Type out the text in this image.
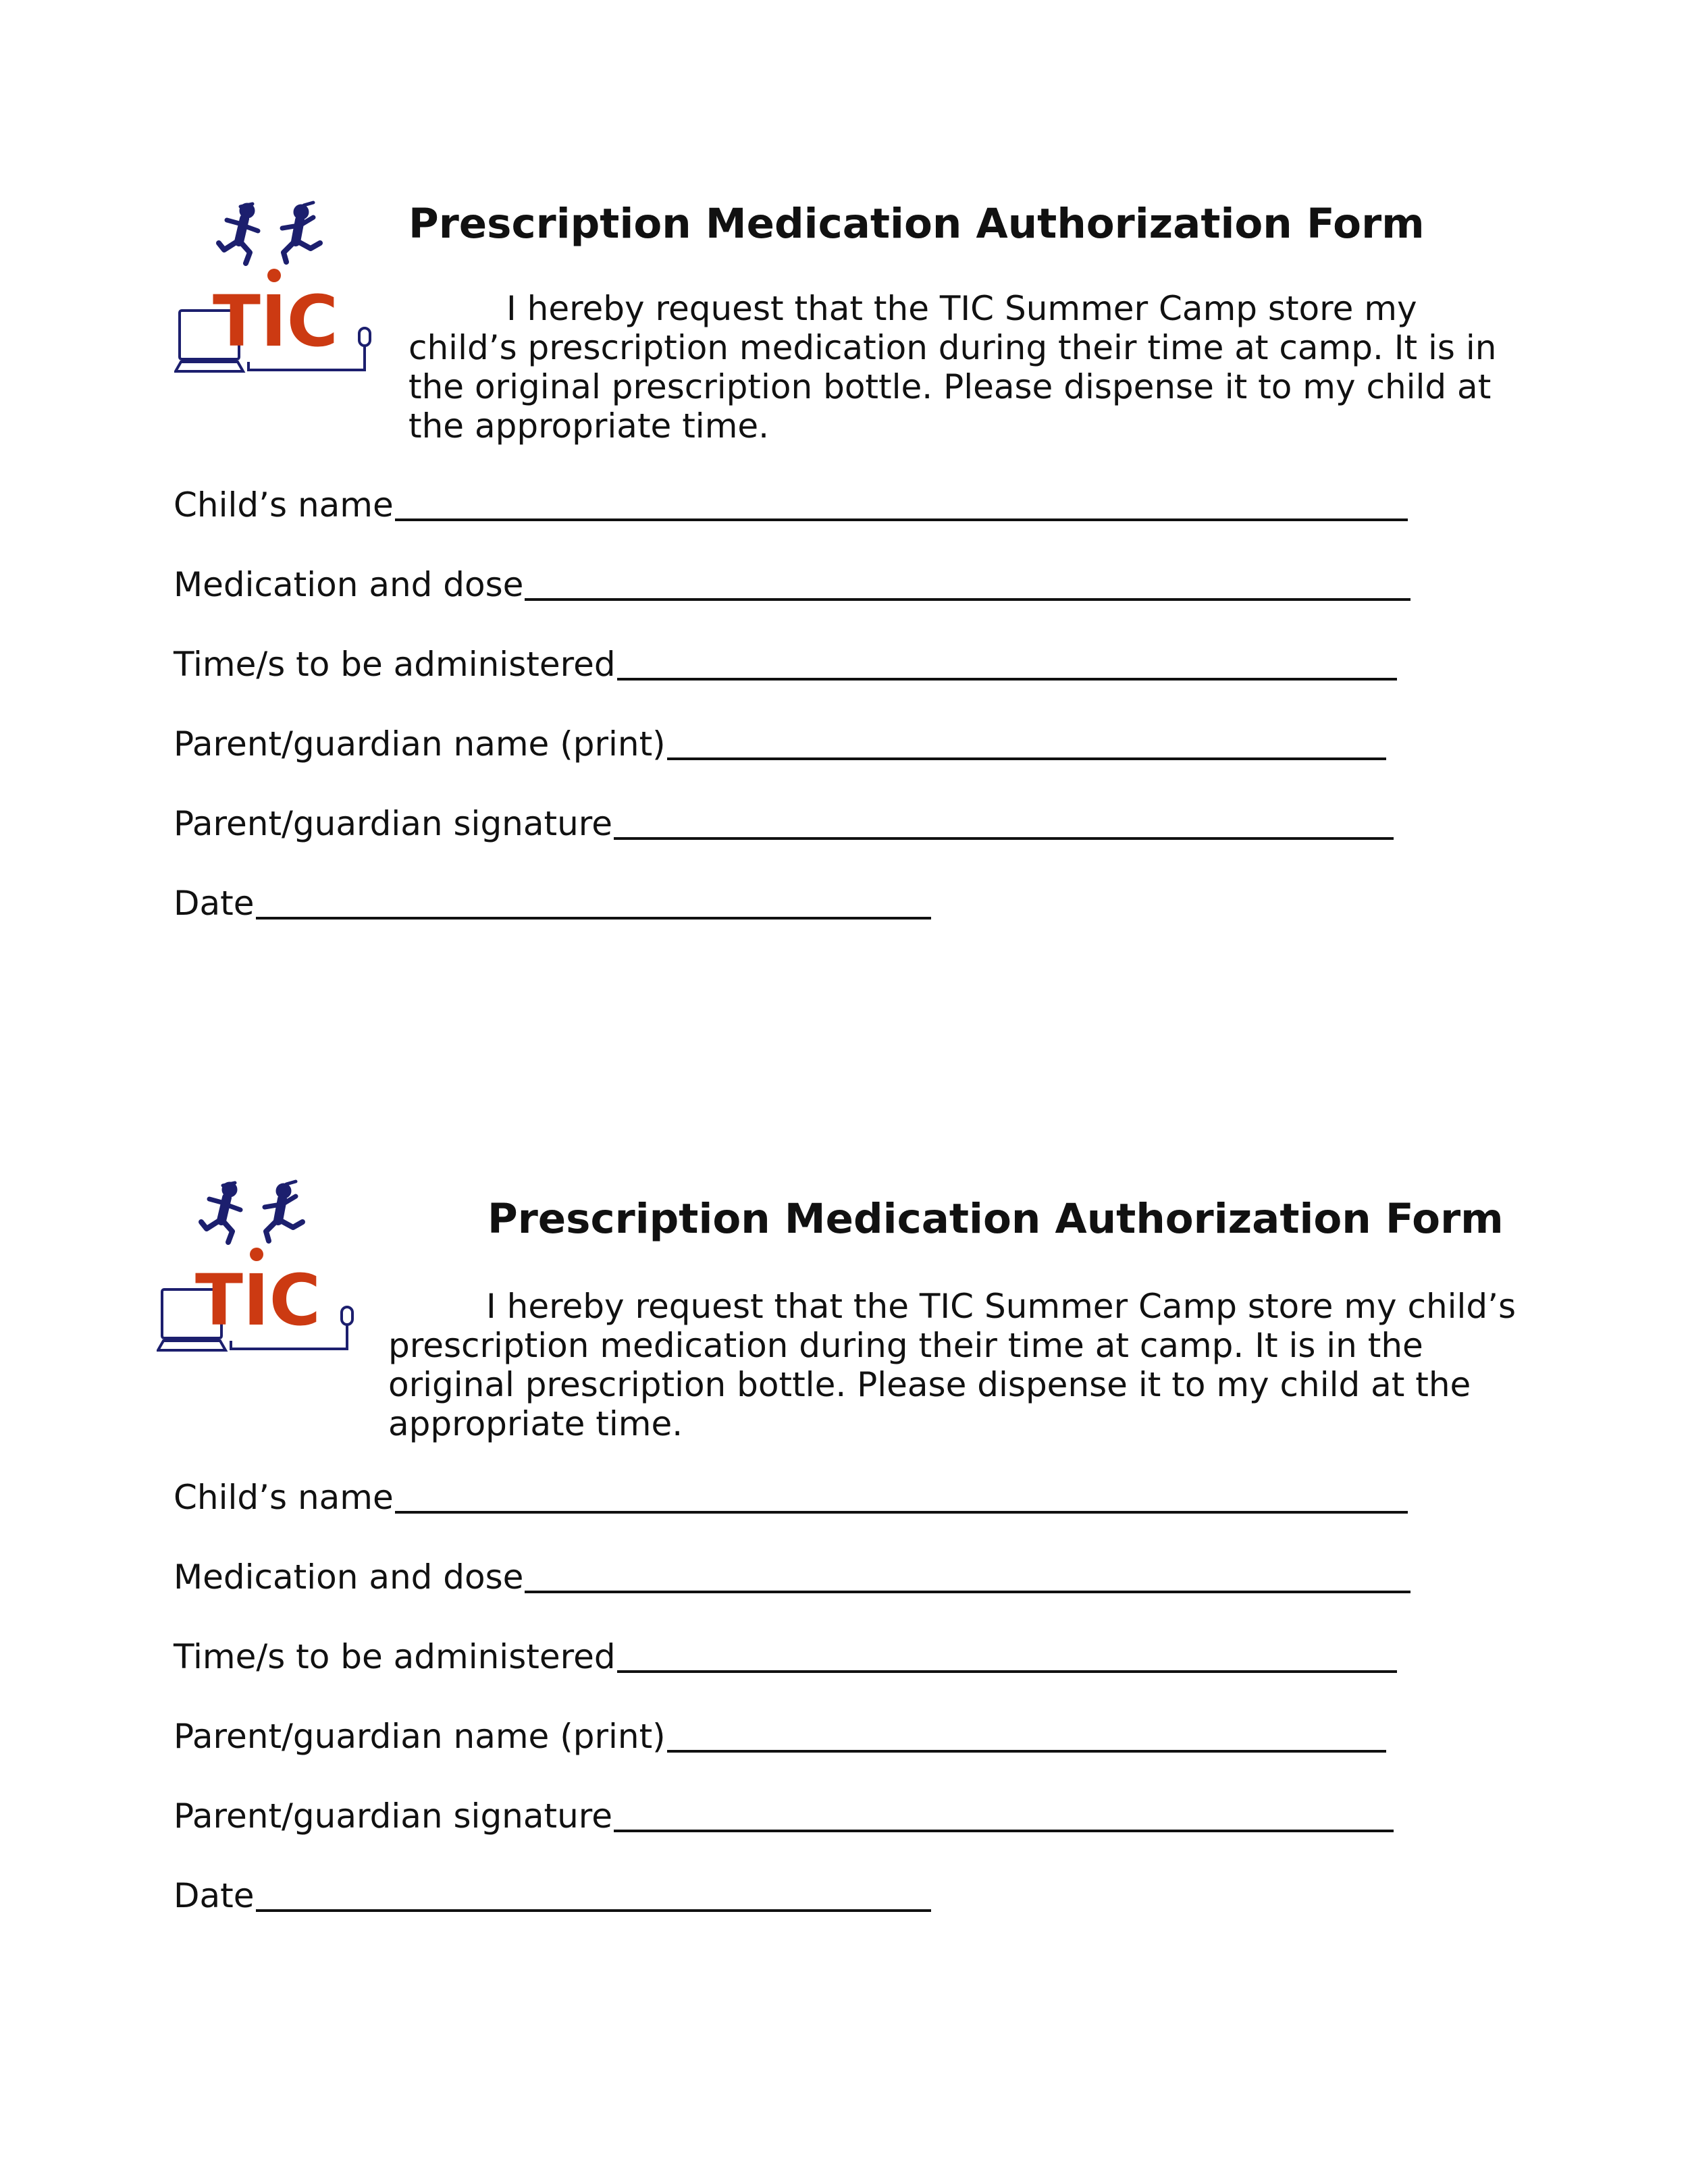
TIC
Prescription Medication Authorization Form

I hereby request that the TIC Summer Camp store my
child’s prescription medication during their time at camp. It is in
the original prescription bottle. Please dispense it to my child at
the appropriate time.

Child’s name
Medication and dose
Time/s to be administered
Parent/guardian name (print)
Parent/guardian signature
Date
TIC
Prescription Medication Authorization Form

I hereby request that the TIC Summer Camp store my child’s
prescription medication during their time at camp. It is in the
original prescription bottle. Please dispense it to my child at the
appropriate time.

Child’s name
Medication and dose
Time/s to be administered
Parent/guardian name (print)
Parent/guardian signature
Date
